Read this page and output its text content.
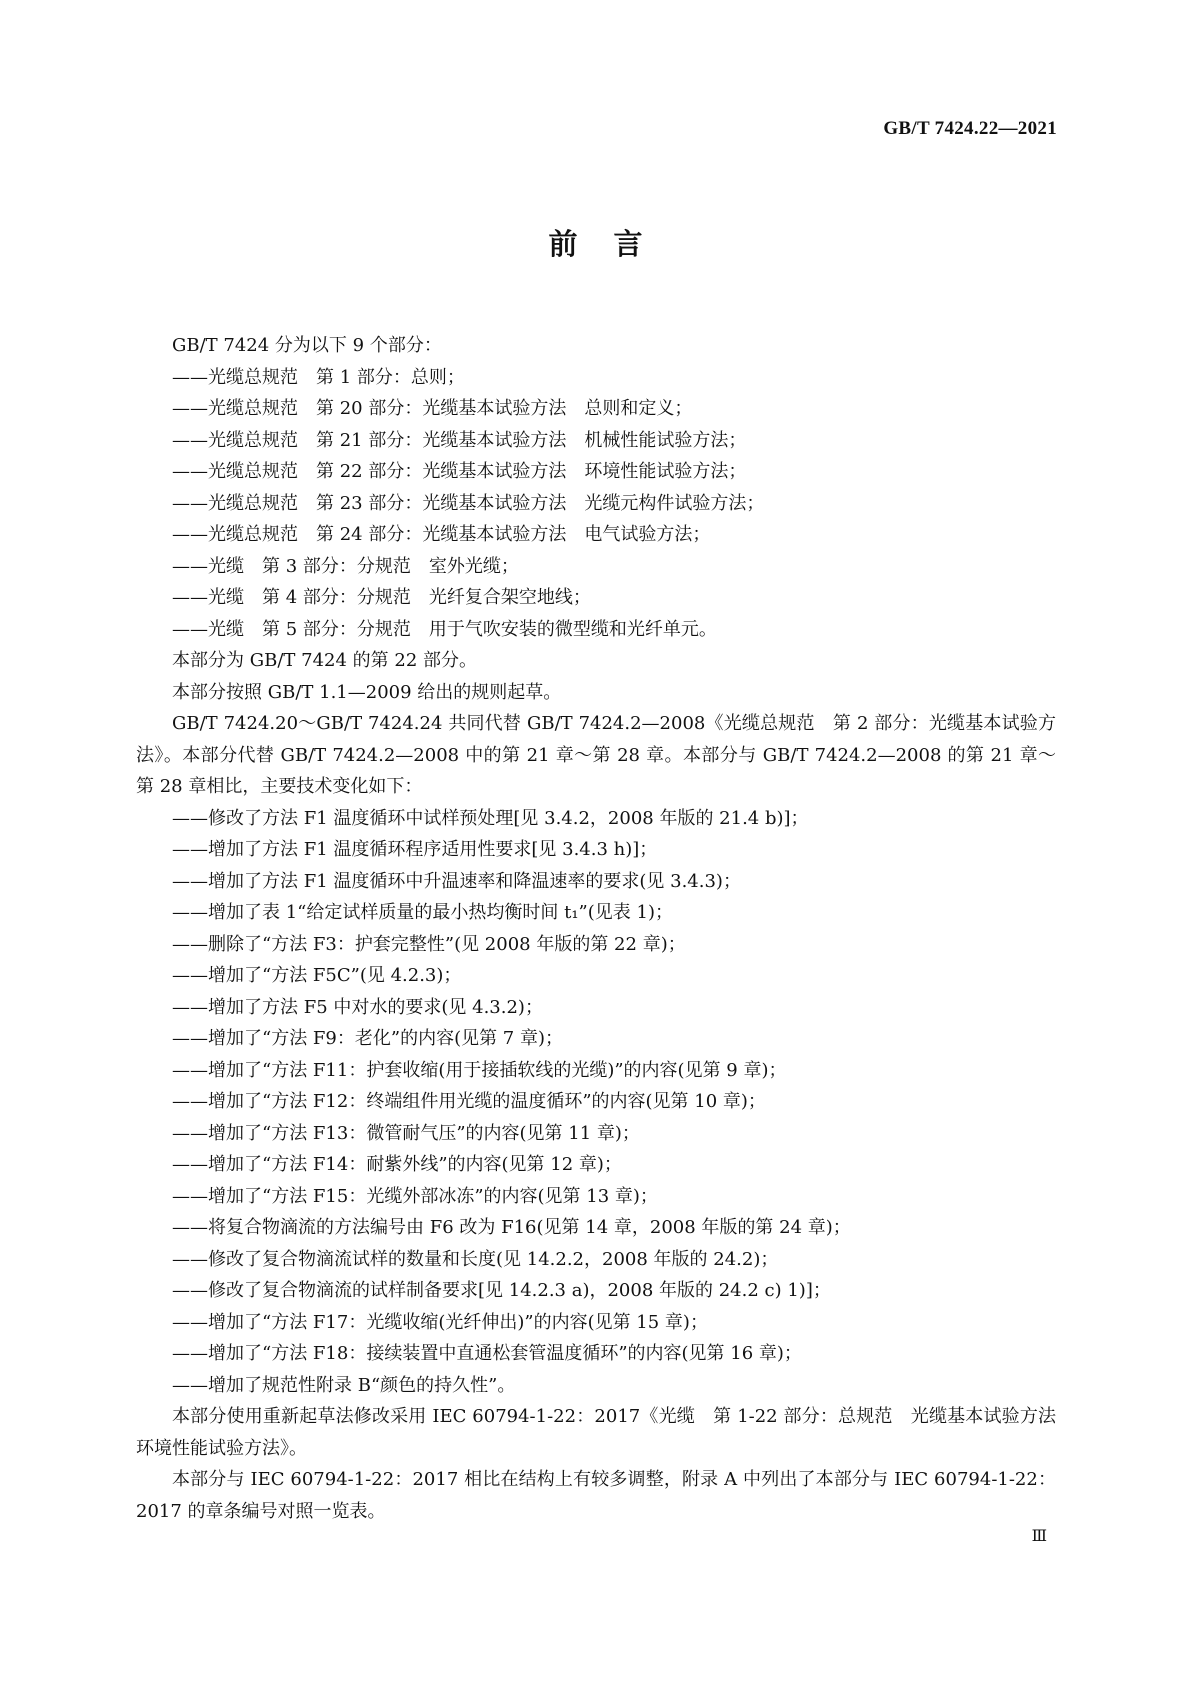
GB/T 7424.22—2021
前言

GB/T 7424 分为以下 9 个部分：

——光缆总规范　第 1 部分：总则；

——光缆总规范　第 20 部分：光缆基本试验方法　总则和定义；

——光缆总规范　第 21 部分：光缆基本试验方法　机械性能试验方法；

——光缆总规范　第 22 部分：光缆基本试验方法　环境性能试验方法；

——光缆总规范　第 23 部分：光缆基本试验方法　光缆元构件试验方法；

——光缆总规范　第 24 部分：光缆基本试验方法　电气试验方法；

——光缆　第 3 部分：分规范　室外光缆；

——光缆　第 4 部分：分规范　光纤复合架空地线；

——光缆　第 5 部分：分规范　用于气吹安装的微型缆和光纤单元。

本部分为 GB/T 7424 的第 22 部分。

本部分按照 GB/T 1.1—2009 给出的规则起草。

GB/T 7424.20～GB/T 7424.24 共同代替 GB/T 7424.2—2008《光缆总规范　第 2 部分：光缆基本试验方法》。本部分代替 GB/T 7424.2—2008 中的第 21 章～第 28 章。本部分与 GB/T 7424.2—2008 的第 21 章～第 28 章相比，主要技术变化如下：

——修改了方法 F1 温度循环中试样预处理[见 3.4.2，2008 年版的 21.4 b)]；

——增加了方法 F1 温度循环程序适用性要求[见 3.4.3 h)]；

——增加了方法 F1 温度循环中升温速率和降温速率的要求(见 3.4.3)；

——增加了表 1“给定试样质量的最小热均衡时间 t₁”(见表 1)；

——删除了“方法 F3：护套完整性”(见 2008 年版的第 22 章)；

——增加了“方法 F5C”(见 4.2.3)；

——增加了方法 F5 中对水的要求(见 4.3.2)；

——增加了“方法 F9：老化”的内容(见第 7 章)；

——增加了“方法 F11：护套收缩(用于接插软线的光缆)”的内容(见第 9 章)；

——增加了“方法 F12：终端组件用光缆的温度循环”的内容(见第 10 章)；

——增加了“方法 F13：微管耐气压”的内容(见第 11 章)；

——增加了“方法 F14：耐紫外线”的内容(见第 12 章)；

——增加了“方法 F15：光缆外部冰冻”的内容(见第 13 章)；

——将复合物滴流的方法编号由 F6 改为 F16(见第 14 章，2008 年版的第 24 章)；

——修改了复合物滴流试样的数量和长度(见 14.2.2，2008 年版的 24.2)；

——修改了复合物滴流的试样制备要求[见 14.2.3 a)，2008 年版的 24.2 c) 1)]；

——增加了“方法 F17：光缆收缩(光纤伸出)”的内容(见第 15 章)；

——增加了“方法 F18：接续装置中直通松套管温度循环”的内容(见第 16 章)；

——增加了规范性附录 B“颜色的持久性”。

本部分使用重新起草法修改采用 IEC 60794-1-22：2017《光缆　第 1-22 部分：总规范　光缆基本试验方法 环境性能试验方法》。

本部分与 IEC 60794-1-22：2017 相比在结构上有较多调整，附录 A 中列出了本部分与 IEC 60794-1-22：2017 的章条编号对照一览表。

Ⅲ
